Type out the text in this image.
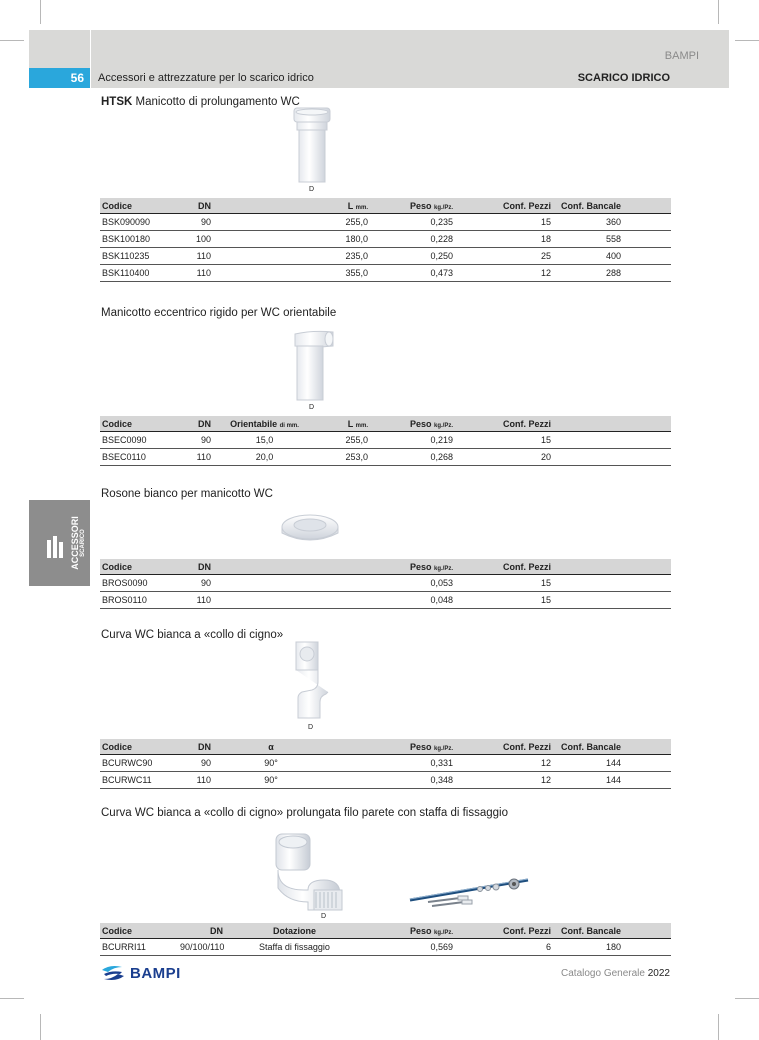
BAMPI
56	Accessori e attrezzature per lo scarico idrico	SCARICO IDRICO
ACCESSORI SCARICO
HTSK Manicotto di prolungamento WC
D
Codice	DN		L mm.	Peso kg./Pz.	Conf. Pezzi	Conf. Bancale	
BSK090090	90		255,0	0,235	15	360	
BSK100180	100		180,0	0,228	18	558	
BSK110235	110		235,0	0,250	25	400	
BSK110400	110		355,0	0,473	12	288	
Manicotto eccentrico rigido per WC orientabile
D
Codice	DN	Orientabile di mm.	L mm.	Peso kg./Pz.	Conf. Pezzi	
BSEC0090	90	15,0	255,0	0,219	15	
BSEC0110	110	20,0	253,0	0,268	20	
Rosone bianco per manicotto WC
Codice	DN	Peso kg./Pz.	Conf. Pezzi	
BROS0090	90	0,053	15	
BROS0110	110	0,048	15	
Curva WC bianca a «collo di cigno»
D
Codice	DN	α	Peso kg./Pz.	Conf. Pezzi	Conf. Bancale	
BCURWC90	90	90°	0,331	12	144	
BCURWC11	110	90°	0,348	12	144	
Curva WC bianca a «collo di cigno» prolungata filo parete con staffa di fissaggio
D
Codice	DN	Dotazione	Peso kg./Pz.	Conf. Pezzi	Conf. Bancale	
BCURRI11	90/100/110	Staffa di fissaggio	0,569	6	180	
BAMPI	Catalogo Generale 2022
